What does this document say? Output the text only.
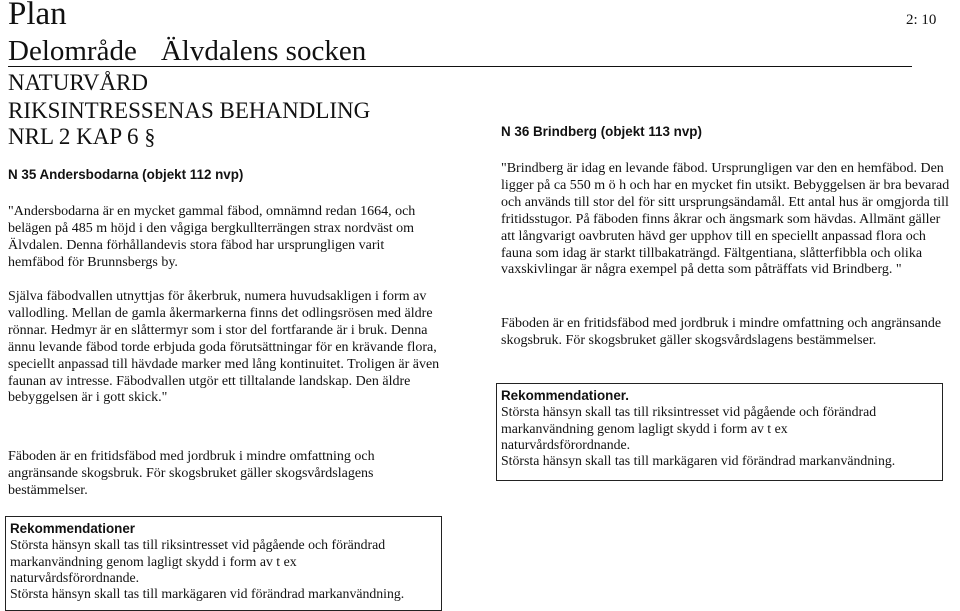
Plan
Delområde Älvdalens socken
2: 10
NATURVÅRD
RIKSINTRESSENAS BEHANDLING
NRL 2 KAP 6 §
N 35 Andersbodarna (objekt 112 nvp)

"Andersbodarna är en mycket gammal fäbod, omnämnd redan 1664, och belägen på 485 m höjd i den vågiga bergkullterrängen strax nordväst om Älvdalen. Denna förhållandevis stora fäbod har ursprungligen varit hemfäbod för Brunnsbergs by.

Själva fäbodvallen utnyttjas för åkerbruk, numera huvudsakligen i form av vallodling. Mellan de gamla åkermarkerna finns det odlingsrösen med äldre rönnar. Hedmyr är en slåttermyr som i stor del fortfarande är i bruk. Denna ännu levande fäbod torde erbjuda goda förutsättningar för en krävande flora, speciellt anpassad till hävdade marker med lång kontinuitet. Troligen är även faunan av intresse. Fäbodvallen utgör ett tilltalande landskap. Den äldre bebyggelsen är i gott skick."

Fäboden är en fritidsfäbod med jordbruk i mindre omfattning och angränsande skogsbruk. För skogsbruket gäller skogsvårdslagens bestämmelser.

Rekommendationer
Största hänsyn skall tas till riksintresset vid pågående och förändrad
markanvändning genom lagligt skydd i form av t ex
naturvårdsförordnande.
Största hänsyn skall tas till markägaren vid förändrad markanvändning.
N 36 Brindberg (objekt 113 nvp)

"Brindberg är idag en levande fäbod. Ursprungligen var den en hemfäbod. Den ligger på ca 550 m ö h och har en mycket fin utsikt. Bebyggelsen är bra bevarad och används till stor del för sitt ursprungsändamål. Ett antal hus är omgjorda till fritidsstugor. På fäboden finns åkrar och ängsmark som hävdas. Allmänt gäller att långvarigt oavbruten hävd ger upphov till en speciellt anpassad flora och fauna som idag är starkt tillbakaträngd. Fältgentiana, slåtterfibbla och olika vaxskivlingar är några exempel på detta som påträffats vid Brindberg. "

Fäboden är en fritidsfäbod med jordbruk i mindre omfattning och angränsande skogsbruk. För skogsbruket gäller skogsvårdslagens bestämmelser.

Rekommendationer.
Största hänsyn skall tas till riksintresset vid pågående och förändrad
markanvändning genom lagligt skydd i form av t ex
naturvårdsförordnande.
Största hänsyn skall tas till markägaren vid förändrad markanvändning.
